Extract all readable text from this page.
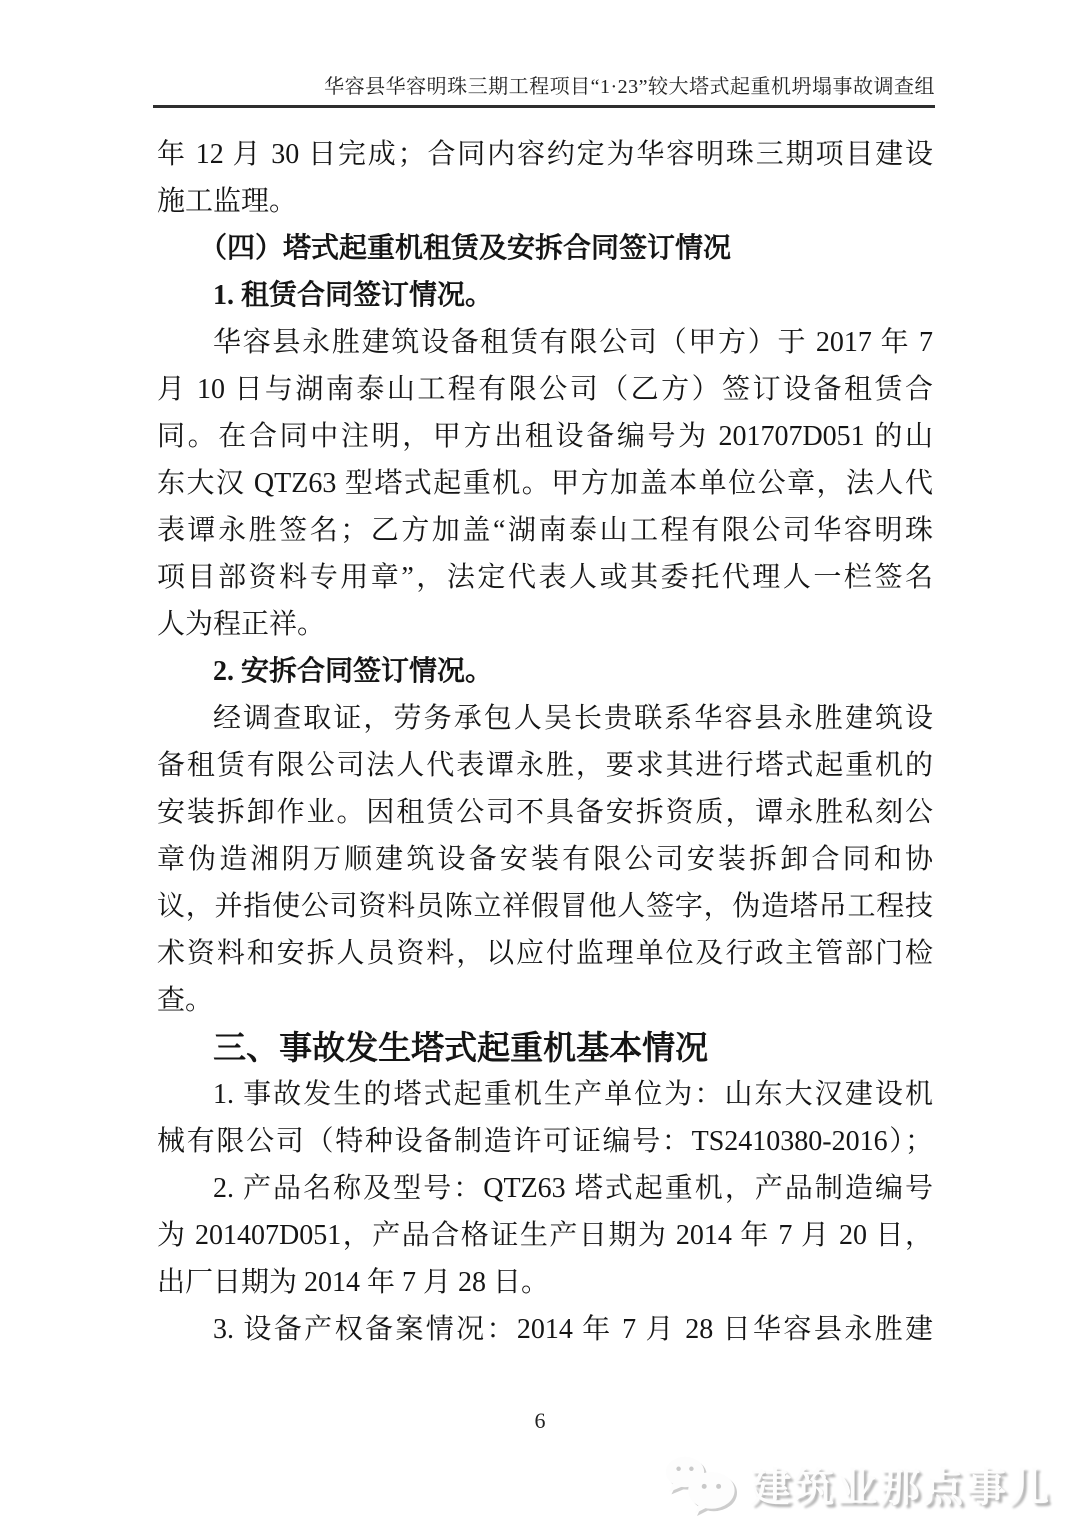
华容县华容明珠三期工程项目“1·23”较大塔式起重机坍塌事故调查组
年 12 月 30 日完成；合同内容约定为华容明珠三期项目建设
施工监理。
（四）塔式起重机租赁及安拆合同签订情况
1. 租赁合同签订情况。
华容县永胜建筑设备租赁有限公司（甲方）于 2017 年 7
月 10 日与湖南泰山工程有限公司（乙方）签订设备租赁合
同。在合同中注明，甲方出租设备编号为 201707D051 的山
东大汉 QTZ63 型塔式起重机。甲方加盖本单位公章，法人代
表谭永胜签名；乙方加盖“湖南泰山工程有限公司华容明珠
项目部资料专用章”，法定代表人或其委托代理人一栏签名
人为程正祥。
2. 安拆合同签订情况。
经调查取证，劳务承包人吴长贵联系华容县永胜建筑设
备租赁有限公司法人代表谭永胜，要求其进行塔式起重机的
安装拆卸作业。因租赁公司不具备安拆资质，谭永胜私刻公
章伪造湘阴万顺建筑设备安装有限公司安装拆卸合同和协
议，并指使公司资料员陈立祥假冒他人签字，伪造塔吊工程技
术资料和安拆人员资料，以应付监理单位及行政主管部门检
查。
三、事故发生塔式起重机基本情况
1. 事故发生的塔式起重机生产单位为：山东大汉建设机
械有限公司（特种设备制造许可证编号：TS2410380-2016）；
2. 产品名称及型号：QTZ63 塔式起重机，产品制造编号
为 201407D051，产品合格证生产日期为 2014 年 7 月 20 日，
出厂日期为 2014 年 7 月 28 日。
3. 设备产权备案情况：2014 年 7 月 28 日华容县永胜建
6
建筑业那点事儿
